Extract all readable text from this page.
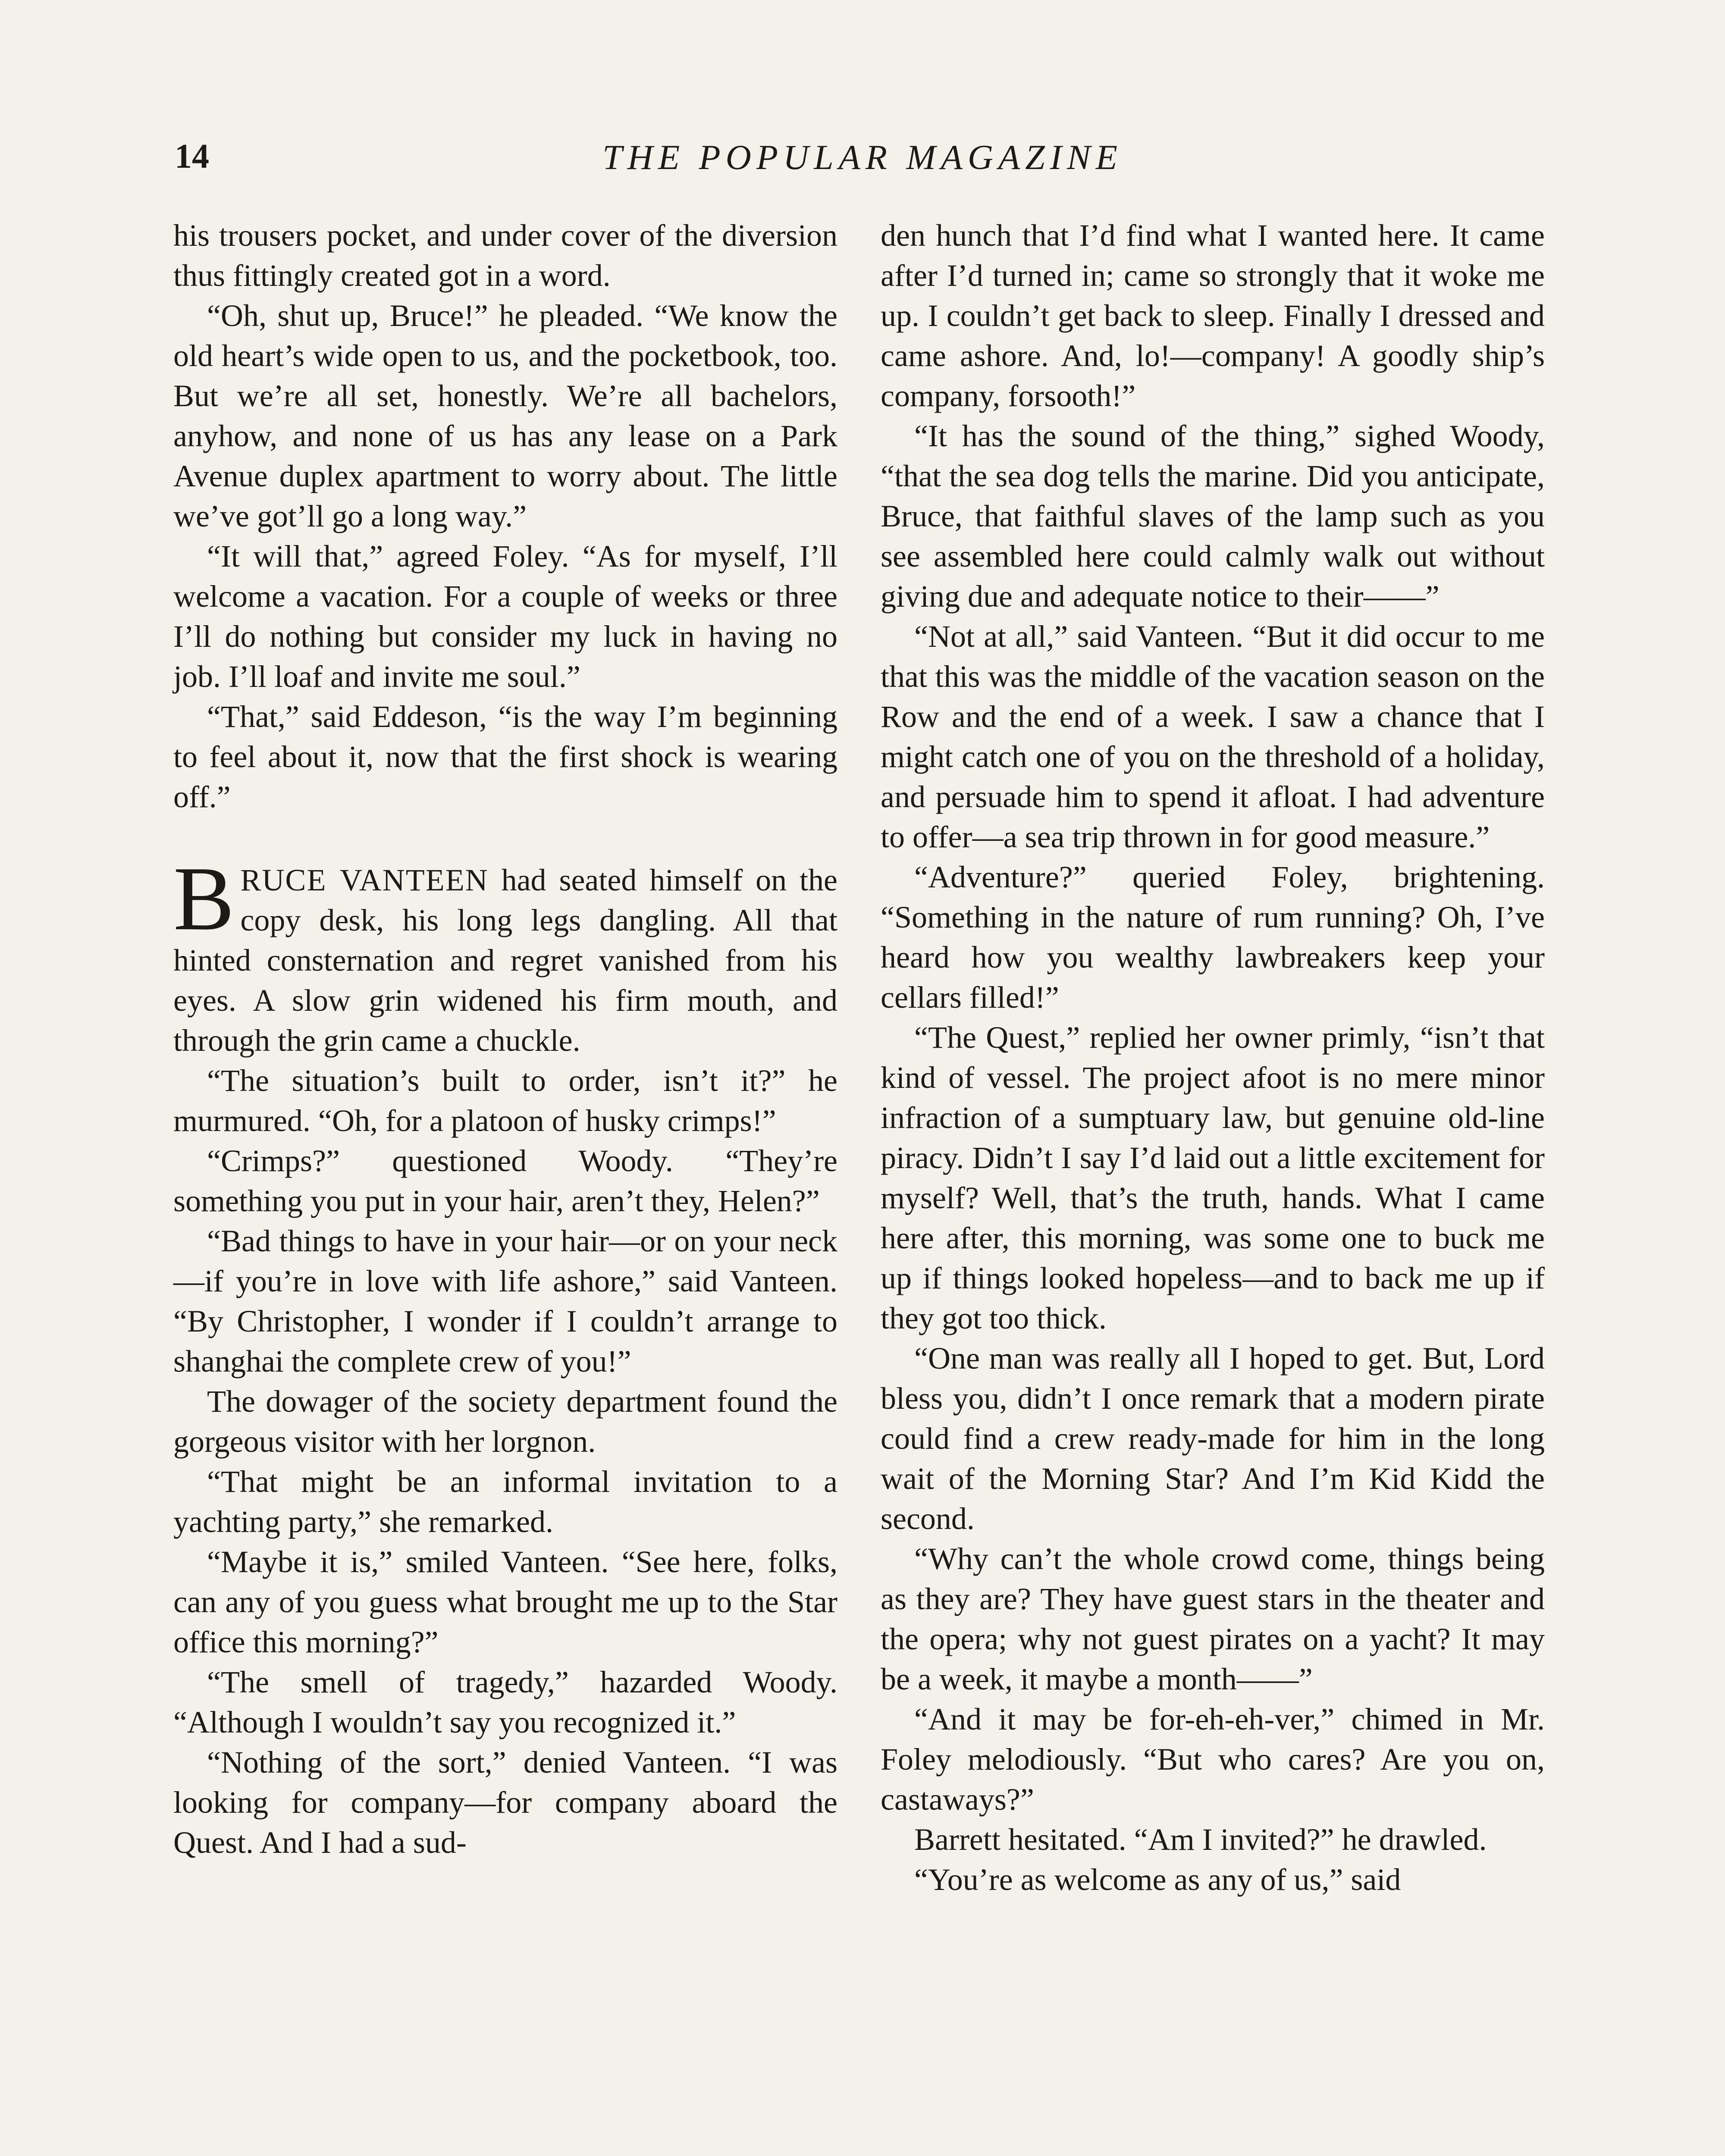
14	THE POPULAR MAGAZINE

his trousers pocket, and under cover of the diversion thus fittingly created got in a word.

“Oh, shut up, Bruce!” he pleaded. “We know the old heart’s wide open to us, and the pocketbook, too. But we’re all set, honestly. We’re all bachelors, anyhow, and none of us has any lease on a Park Avenue duplex apartment to worry about. The little we’ve got’ll go a long way.”

“It will that,” agreed Foley. “As for myself, I’ll welcome a vacation. For a couple of weeks or three I’ll do nothing but consider my luck in having no job. I’ll loaf and invite me soul.”

“That,” said Eddeson, “is the way I’m beginning to feel about it, now that the first shock is wearing off.”

BRUCE VANTEEN had seated himself on the copy desk, his long legs dangling. All that hinted consternation and regret vanished from his eyes. A slow grin widened his firm mouth, and through the grin came a chuckle.

“The situation’s built to order, isn’t it?” he murmured. “Oh, for a platoon of husky crimps!”

“Crimps?” questioned Woody. “They’re something you put in your hair, aren’t they, Helen?”

“Bad things to have in your hair—or on your neck—if you’re in love with life ashore,” said Vanteen. “By Christopher, I wonder if I couldn’t arrange to shanghai the complete crew of you!”

The dowager of the society department found the gorgeous visitor with her lorgnon.

“That might be an informal invitation to a yachting party,” she remarked.

“Maybe it is,” smiled Vanteen. “See here, folks, can any of you guess what brought me up to the Star office this morning?”

“The smell of tragedy,” hazarded Woody. “Although I wouldn’t say you recognized it.”

“Nothing of the sort,” denied Vanteen. “I was looking for company—for company aboard the Quest. And I had a sud-

den hunch that I’d find what I wanted here. It came after I’d turned in; came so strongly that it woke me up. I couldn’t get back to sleep. Finally I dressed and came ashore. And, lo!—company! A goodly ship’s company, forsooth!”

“It has the sound of the thing,” sighed Woody, “that the sea dog tells the marine. Did you anticipate, Bruce, that faithful slaves of the lamp such as you see assembled here could calmly walk out without giving due and adequate notice to their——”

“Not at all,” said Vanteen. “But it did occur to me that this was the middle of the vacation season on the Row and the end of a week. I saw a chance that I might catch one of you on the threshold of a holiday, and persuade him to spend it afloat. I had adventure to offer—a sea trip thrown in for good measure.”

“Adventure?” queried Foley, brightening. “Something in the nature of rum running? Oh, I’ve heard how you wealthy lawbreakers keep your cellars filled!”

“The Quest,” replied her owner primly, “isn’t that kind of vessel. The project afoot is no mere minor infraction of a sumptuary law, but genuine old-line piracy. Didn’t I say I’d laid out a little excitement for myself? Well, that’s the truth, hands. What I came here after, this morning, was some one to buck me up if things looked hopeless—and to back me up if they got too thick.

“One man was really all I hoped to get. But, Lord bless you, didn’t I once remark that a modern pirate could find a crew ready-made for him in the long wait of the Morning Star? And I’m Kid Kidd the second.

“Why can’t the whole crowd come, things being as they are? They have guest stars in the theater and the opera; why not guest pirates on a yacht? It may be a week, it maybe a month——”

“And it may be for-eh-eh-ver,” chimed in Mr. Foley melodiously. “But who cares? Are you on, castaways?”

Barrett hesitated. “Am I invited?” he drawled.

“You’re as welcome as any of us,” said
